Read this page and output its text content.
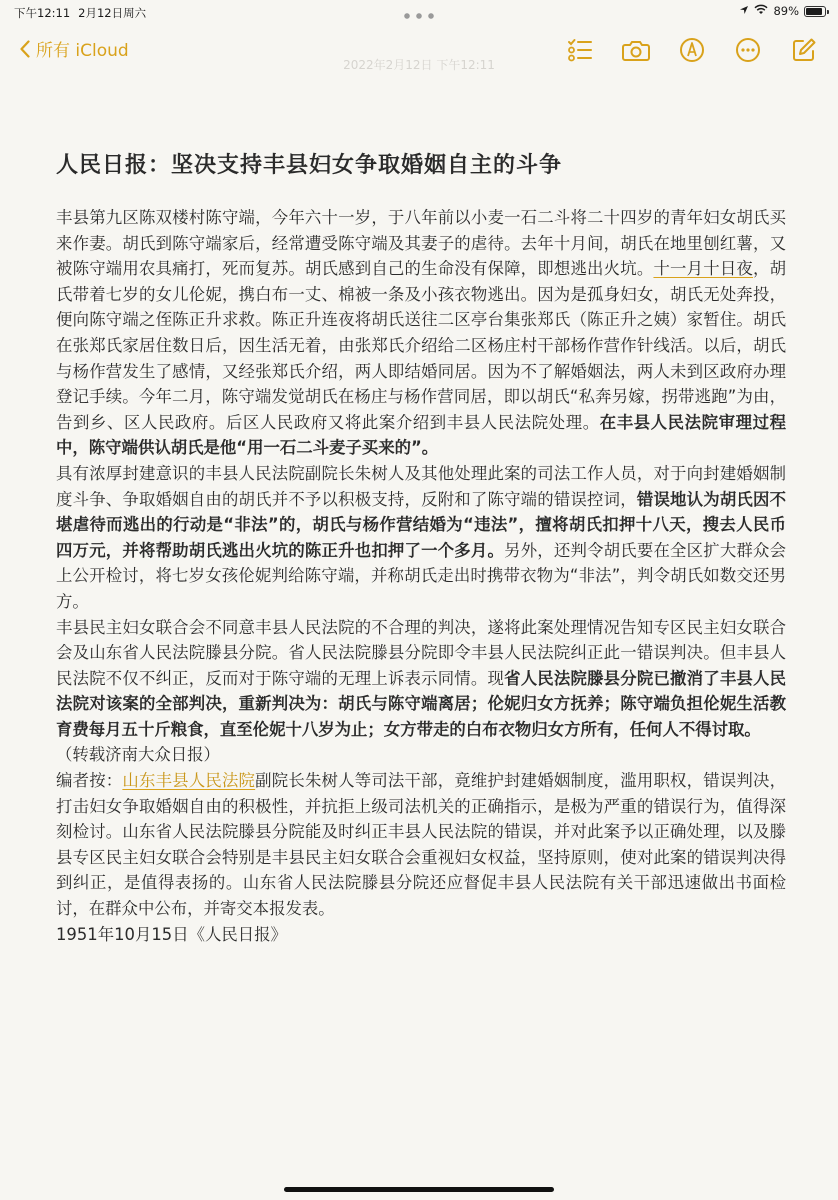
下午12:11 2月12日周六	89%
所有 iCloud
2022年2月12日 下午12:11
人民日报：坚决支持丰县妇女争取婚姻自主的斗争

丰县第九区陈双楼村陈守端，今年六十一岁，于八年前以小麦一石二斗将二十四岁的青年妇女胡氏买来作妻。胡氏到陈守端家后，经常遭受陈守端及其妻子的虐待。去年十月间，胡氏在地里刨红薯，又被陈守端用农具痛打，死而复苏。胡氏感到自己的生命没有保障，即想逃出火坑。十一月十日夜，胡氏带着七岁的女儿伦妮，携白布一丈、棉被一条及小孩衣物逃出。因为是孤身妇女，胡氏无处奔投，便向陈守端之侄陈正升求救。陈正升连夜将胡氏送往二区亭台集张郑氏（陈正升之姨）家暂住。胡氏在张郑氏家居住数日后，因生活无着，由张郑氏介绍给二区杨庄村干部杨作营作针线活。以后，胡氏与杨作营发生了感情，又经张郑氏介绍，两人即结婚同居。因为不了解婚姻法，两人未到区政府办理登记手续。今年二月，陈守端发觉胡氏在杨庄与杨作营同居，即以胡氏“私奔另嫁，拐带逃跑”为由，告到乡、区人民政府。后区人民政府又将此案介绍到丰县人民法院处理。在丰县人民法院审理过程中，陈守端供认胡氏是他“用一石二斗麦子买来的”。

具有浓厚封建意识的丰县人民法院副院长朱树人及其他处理此案的司法工作人员，对于向封建婚姻制度斗争、争取婚姻自由的胡氏并不予以积极支持，反附和了陈守端的错误控词，错误地认为胡氏因不堪虐待而逃出的行动是“非法”的，胡氏与杨作营结婚为“违法”，擅将胡氏扣押十八天，搜去人民币四万元，并将帮助胡氏逃出火坑的陈正升也扣押了一个多月。另外，还判令胡氏要在全区扩大群众会上公开检讨，将七岁女孩伦妮判给陈守端，并称胡氏走出时携带衣物为“非法”，判令胡氏如数交还男方。

丰县民主妇女联合会不同意丰县人民法院的不合理的判决，遂将此案处理情况告知专区民主妇女联合会及山东省人民法院滕县分院。省人民法院滕县分院即令丰县人民法院纠正此一错误判决。但丰县人民法院不仅不纠正，反而对于陈守端的无理上诉表示同情。现省人民法院滕县分院已撤消了丰县人民法院对该案的全部判决，重新判决为：胡氏与陈守端离居；伦妮归女方抚养；陈守端负担伦妮生活教育费每月五十斤粮食，直至伦妮十八岁为止；女方带走的白布衣物归女方所有，任何人不得讨取。

（转载济南大众日报）

编者按：山东丰县人民法院副院长朱树人等司法干部，竟维护封建婚姻制度，滥用职权，错误判决，打击妇女争取婚姻自由的积极性，并抗拒上级司法机关的正确指示，是极为严重的错误行为，值得深刻检讨。山东省人民法院滕县分院能及时纠正丰县人民法院的错误，并对此案予以正确处理，以及滕县专区民主妇女联合会特别是丰县民主妇女联合会重视妇女权益，坚持原则，使对此案的错误判决得到纠正，是值得表扬的。山东省人民法院滕县分院还应督促丰县人民法院有关干部迅速做出书面检讨，在群众中公布，并寄交本报发表。

1951年10月15日《人民日报》
